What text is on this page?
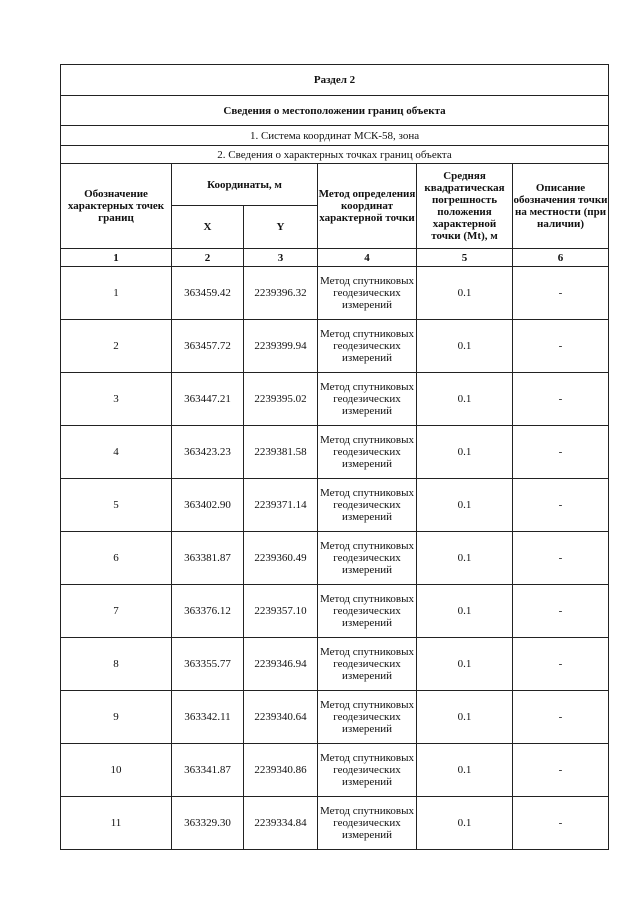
Раздел 2					
Сведения о местоположении границ объекта					
1. Система координат МСК-58, зона					
2. Сведения о характерных точках границ объекта					
Обозначение характерных точек границ	Координаты, м		Метод определения координат характерной точки	Средняя квадратическая погрешность положения характерной точки (Mt), м	Описание обозначения точки на местности (при наличии)
	X	Y			
1	2	3	4	5	6
1	363459.42	2239396.32	Метод спутниковых геодезических измерений	0.1	-
2	363457.72	2239399.94	Метод спутниковых геодезических измерений	0.1	-
3	363447.21	2239395.02	Метод спутниковых геодезических измерений	0.1	-
4	363423.23	2239381.58	Метод спутниковых геодезических измерений	0.1	-
5	363402.90	2239371.14	Метод спутниковых геодезических измерений	0.1	-
6	363381.87	2239360.49	Метод спутниковых геодезических измерений	0.1	-
7	363376.12	2239357.10	Метод спутниковых геодезических измерений	0.1	-
8	363355.77	2239346.94	Метод спутниковых геодезических измерений	0.1	-
9	363342.11	2239340.64	Метод спутниковых геодезических измерений	0.1	-
10	363341.87	2239340.86	Метод спутниковых геодезических измерений	0.1	-
11	363329.30	2239334.84	Метод спутниковых геодезических измерений	0.1	-
